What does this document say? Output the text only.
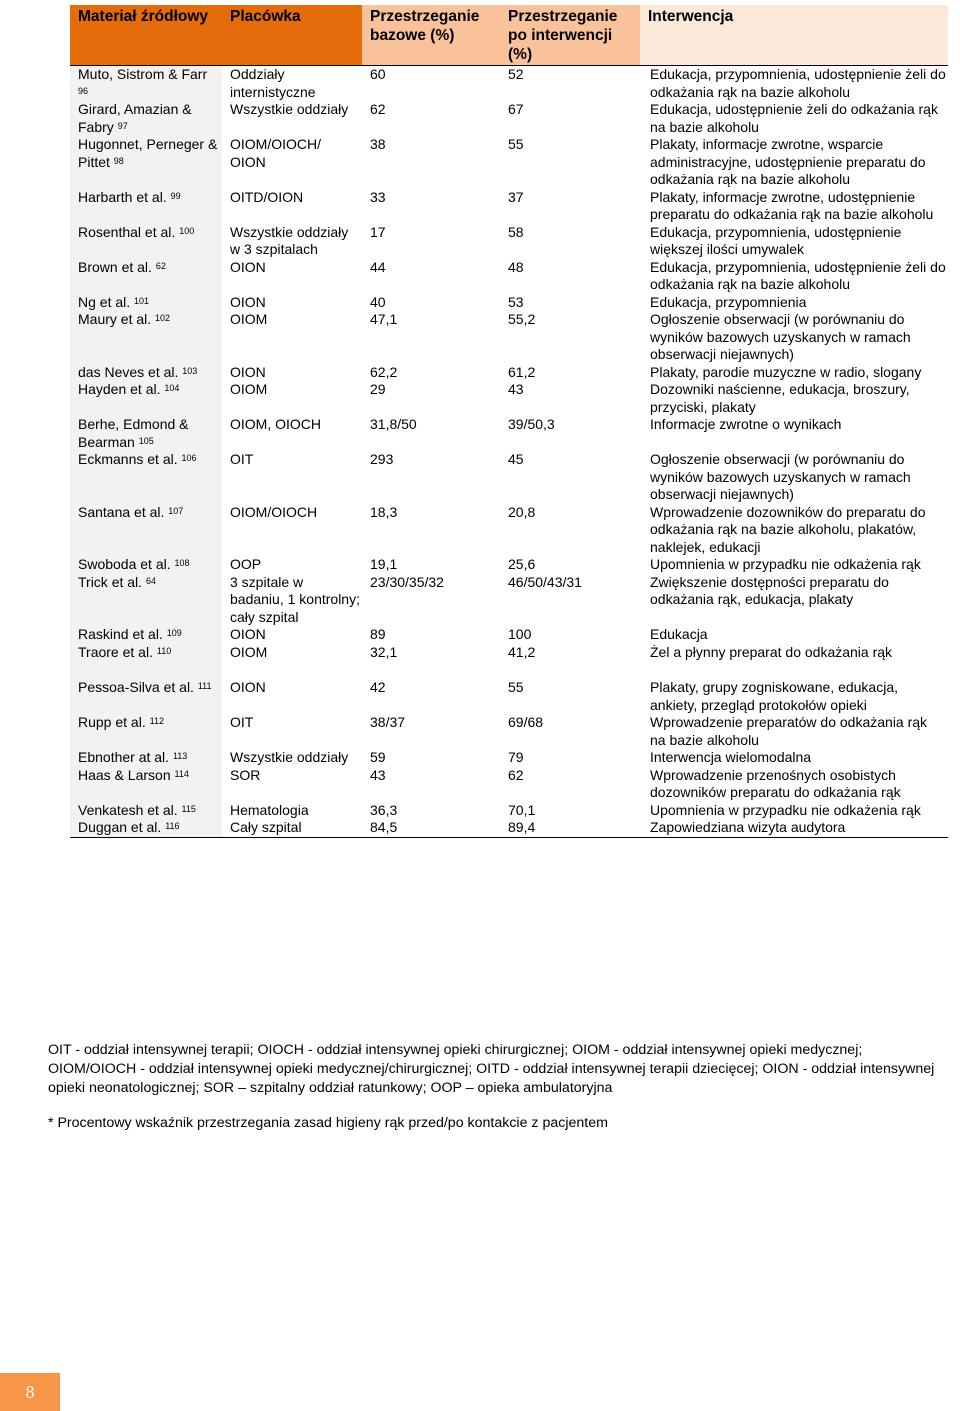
Materiał źródłowy	Placówka	Przestrzeganie bazowe (%)	Przestrzeganie po interwencji (%)	Interwencja
Muto, Sistrom & Farr $^{96}$	Oddziały internistyczne	60	52	Edukacja, przypomnienia, udostępnienie żeli do odkażania rąk na bazie alkoholu
Girard, Amazian & Fabry $^{97}$	Wszystkie oddziały	62	67	Edukacja, udostępnienie żeli do odkażania rąk na bazie alkoholu
Hugonnet, Perneger & Pittet $^{98}$	OIOM/OIOCH/ OION	38	55	Plakaty, informacje zwrotne, wsparcie administracyjne, udostępnienie preparatu do odkażania rąk na bazie alkoholu
Harbarth et al. $^{99}$	OITD/OION	33	37	Plakaty, informacje zwrotne, udostępnienie preparatu do odkażania rąk na bazie alkoholu
Rosenthal et al. $^{100}$	Wszystkie oddziały w 3 szpitalach	17	58	Edukacja, przypomnienia, udostępnienie większej ilości umywalek
Brown et al. $^{62}$	OION	44	48	Edukacja, przypomnienia, udostępnienie żeli do odkażania rąk na bazie alkoholu
Ng et al. $^{101}$	OION	40	53	Edukacja, przypomnienia
Maury et al. $^{102}$	OIOM	47,1	55,2	Ogłoszenie obserwacji (w porównaniu do wyników bazowych uzyskanych w ramach obserwacji niejawnych)
das Neves et al. $^{103}$	OION	62,2	61,2	Plakaty, parodie muzyczne w radio, slogany
Hayden et al. $^{104}$	OIOM	29	43	Dozowniki naścienne, edukacja, broszury, przyciski, plakaty
Berhe, Edmond & Bearman $^{105}$	OIOM, OIOCH	31,8/50	39/50,3	Informacje zwrotne o wynikach
Eckmanns et al. $^{106}$	OIT	293	45	Ogłoszenie obserwacji (w porównaniu do wyników bazowych uzyskanych w ramach obserwacji niejawnych)
Santana et al. $^{107}$	OIOM/OIOCH	18,3	20,8	Wprowadzenie dozowników do preparatu do odkażania rąk na bazie alkoholu, plakatów, naklejek, edukacji
Swoboda et al. $^{108}$	OOP	19,1	25,6	Upomnienia w przypadku nie odkażenia rąk
Trick et al. $^{64}$	3 szpitale w badaniu, 1 kontrolny; cały szpital	23/30/35/32	46/50/43/31	Zwiększenie dostępności preparatu do odkażania rąk, edukacja, plakaty
Raskind et al. $^{109}$	OION	89	100	Edukacja
Traore et al. $^{110}$	OIOM	32,1	41,2	Żel a płynny preparat do odkażania rąk
Pessoa-Silva et al. $^{111}$	OION	42	55	Plakaty, grupy zogniskowane, edukacja, ankiety, przegląd protokołów opieki
Rupp et al. $^{112}$	OIT	38/37	69/68	Wprowadzenie preparatów do odkażania rąk na bazie alkoholu
Ebnother at al. $^{113}$	Wszystkie oddziały	59	79	Interwencja wielomodalna
Haas & Larson $^{114}$	SOR	43	62	Wprowadzenie przenośnych osobistych dozowników preparatu do odkażania rąk
Venkatesh et al. $^{115}$	Hematologia	36,3	70,1	Upomnienia w przypadku nie odkażenia rąk
Duggan et al. $^{116}$	Cały szpital	84,5	89,4	Zapowiedziana wizyta audytora

OIT - oddział intensywnej terapii; OIOCH - oddział intensywnej opieki chirurgicznej; OIOM - oddział intensywnej opieki medycznej; OIOM/OIOCH - oddział intensywnej opieki medycznej/chirurgicznej; OITD - oddział intensywnej terapii dziecięcej; OION - oddział intensywnej opieki neonatologicznej; SOR – szpitalny oddział ratunkowy; OOP – opieka ambulatoryjna

* Procentowy wskaźnik przestrzegania zasad higieny rąk przed/po kontakcie z pacjentem

8
